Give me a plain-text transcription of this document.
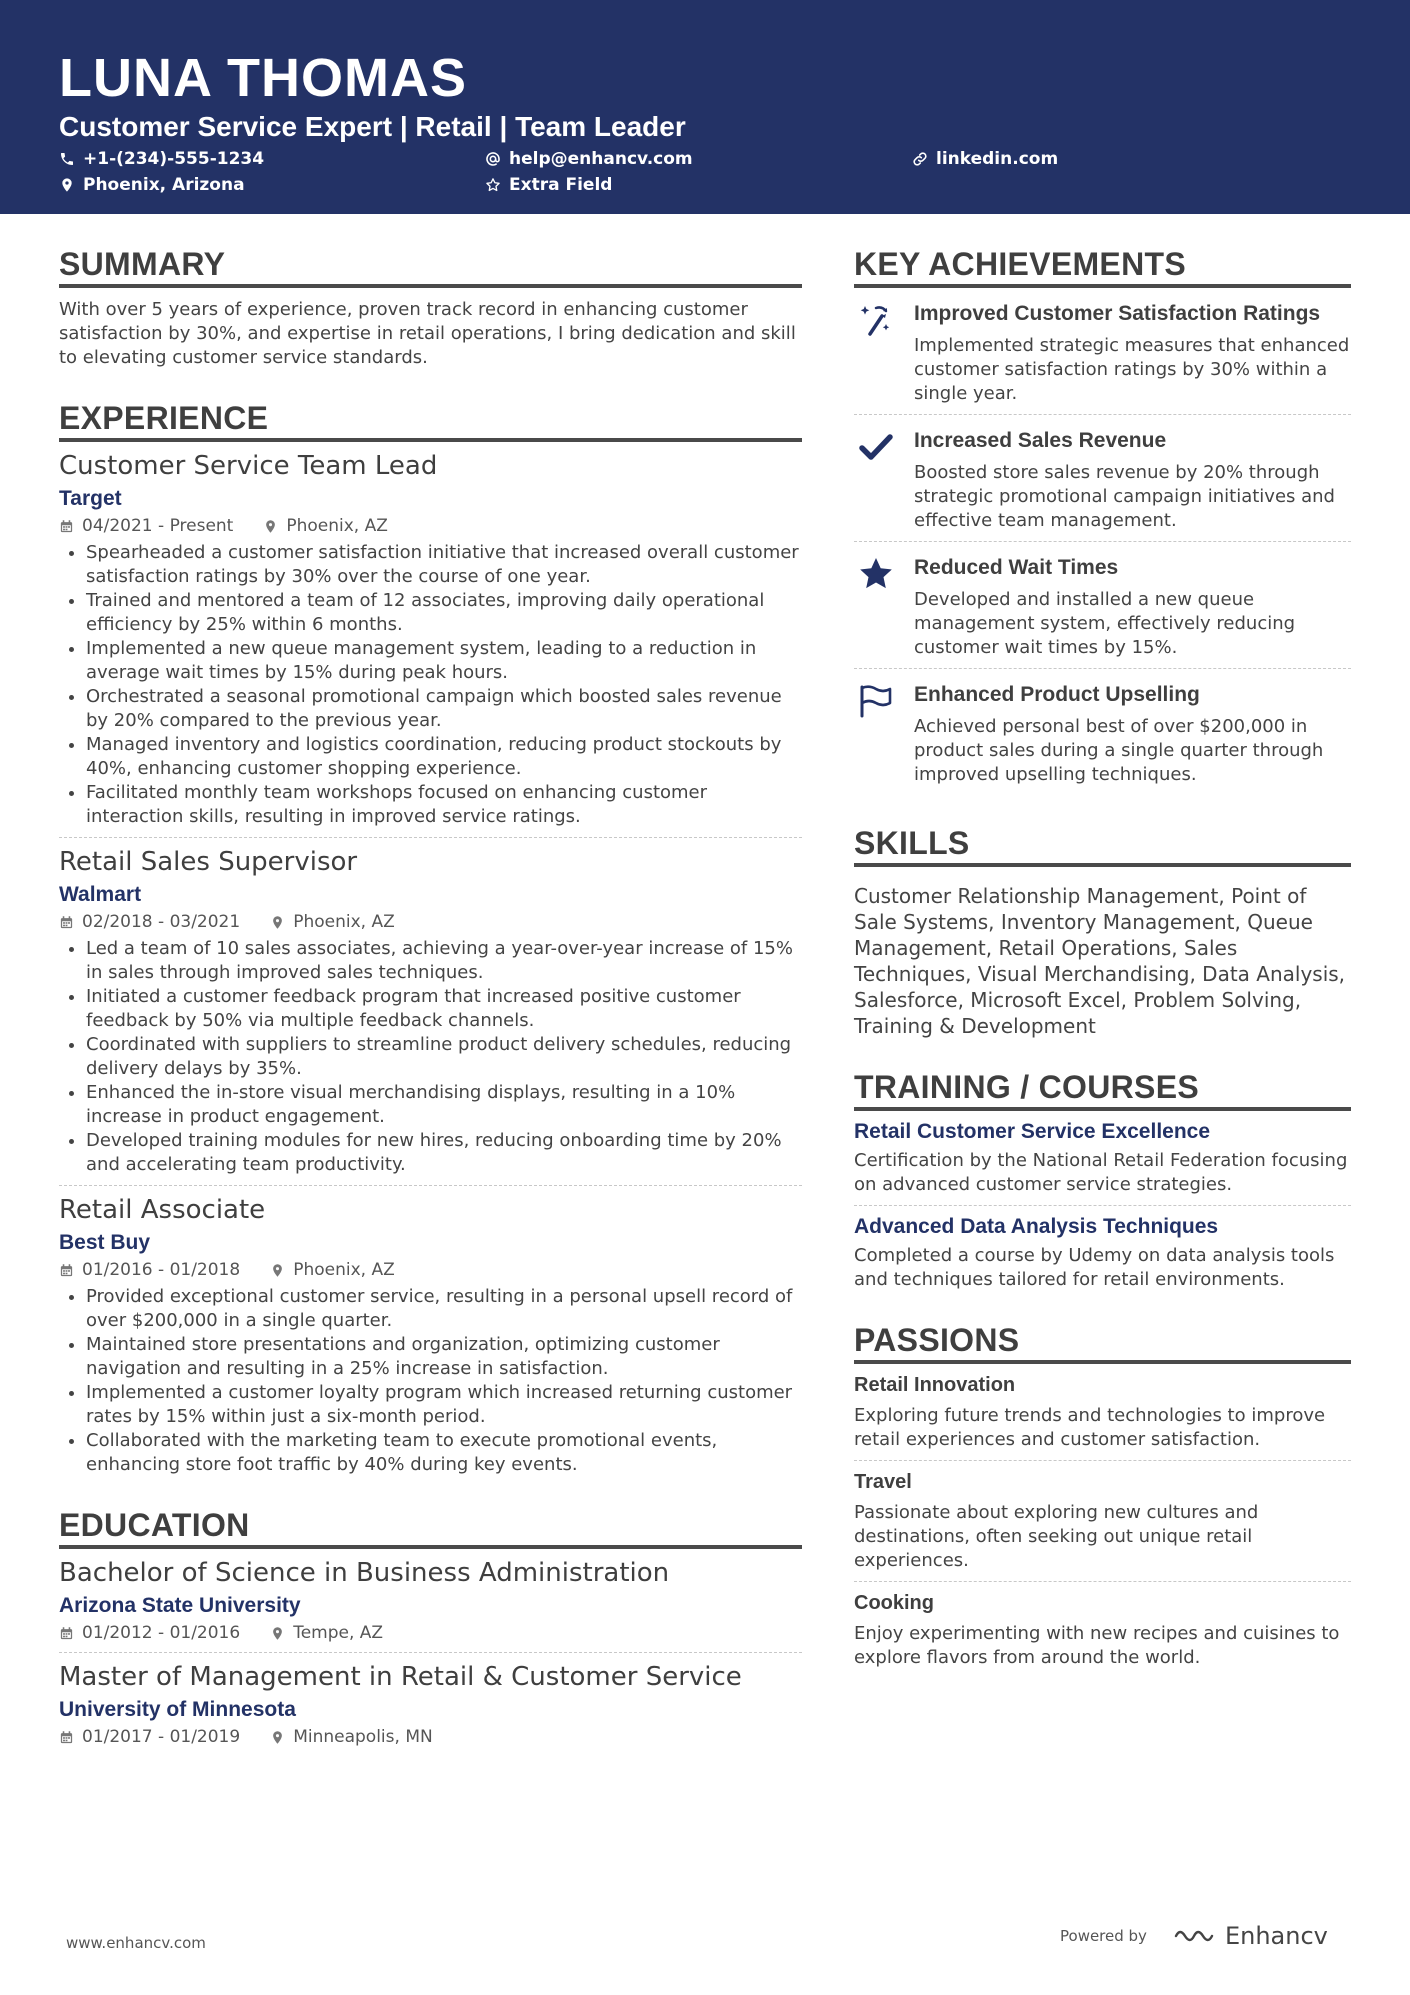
LUNA THOMAS
Customer Service Expert | Retail | Team Leader
+1-(234)-555-1234	help@enhancv.com	linkedin.com
Phoenix, Arizona	Extra Field
SUMMARY
With over 5 years of experience, proven track record in enhancing customer satisfaction by 30%, and expertise in retail operations, I bring dedication and skill to elevating customer service standards.
EXPERIENCE
Customer Service Team Lead
Target
04/2021 - Present	Phoenix, AZ
• Spearheaded a customer satisfaction initiative that increased overall customer satisfaction ratings by 30% over the course of one year.
• Trained and mentored a team of 12 associates, improving daily operational efficiency by 25% within 6 months.
• Implemented a new queue management system, leading to a reduction in average wait times by 15% during peak hours.
• Orchestrated a seasonal promotional campaign which boosted sales revenue by 20% compared to the previous year.
• Managed inventory and logistics coordination, reducing product stockouts by 40%, enhancing customer shopping experience.
• Facilitated monthly team workshops focused on enhancing customer interaction skills, resulting in improved service ratings.
Retail Sales Supervisor
Walmart
02/2018 - 03/2021	Phoenix, AZ
• Led a team of 10 sales associates, achieving a year-over-year increase of 15% in sales through improved sales techniques.
• Initiated a customer feedback program that increased positive customer feedback by 50% via multiple feedback channels.
• Coordinated with suppliers to streamline product delivery schedules, reducing delivery delays by 35%.
• Enhanced the in-store visual merchandising displays, resulting in a 10% increase in product engagement.
• Developed training modules for new hires, reducing onboarding time by 20% and accelerating team productivity.
Retail Associate
Best Buy
01/2016 - 01/2018	Phoenix, AZ
• Provided exceptional customer service, resulting in a personal upsell record of over $200,000 in a single quarter.
• Maintained store presentations and organization, optimizing customer navigation and resulting in a 25% increase in satisfaction.
• Implemented a customer loyalty program which increased returning customer rates by 15% within just a six-month period.
• Collaborated with the marketing team to execute promotional events, enhancing store foot traffic by 40% during key events.
EDUCATION
Bachelor of Science in Business Administration
Arizona State University
01/2012 - 01/2016	Tempe, AZ
Master of Management in Retail & Customer Service
University of Minnesota
01/2017 - 01/2019	Minneapolis, MN
KEY ACHIEVEMENTS
Improved Customer Satisfaction Ratings
Implemented strategic measures that enhanced customer satisfaction ratings by 30% within a single year.
Increased Sales Revenue
Boosted store sales revenue by 20% through strategic promotional campaign initiatives and effective team management.
Reduced Wait Times
Developed and installed a new queue management system, effectively reducing customer wait times by 15%.
Enhanced Product Upselling
Achieved personal best of over $200,000 in product sales during a single quarter through improved upselling techniques.
SKILLS
Customer Relationship Management, Point of Sale Systems, Inventory Management, Queue Management, Retail Operations, Sales Techniques, Visual Merchandising, Data Analysis, Salesforce, Microsoft Excel, Problem Solving, Training & Development
TRAINING / COURSES
Retail Customer Service Excellence
Certification by the National Retail Federation focusing on advanced customer service strategies.
Advanced Data Analysis Techniques
Completed a course by Udemy on data analysis tools and techniques tailored for retail environments.
PASSIONS
Retail Innovation
Exploring future trends and technologies to improve retail experiences and customer satisfaction.
Travel
Passionate about exploring new cultures and destinations, often seeking out unique retail experiences.
Cooking
Enjoy experimenting with new recipes and cuisines to explore flavors from around the world.
www.enhancv.com	Powered by	Enhancv
